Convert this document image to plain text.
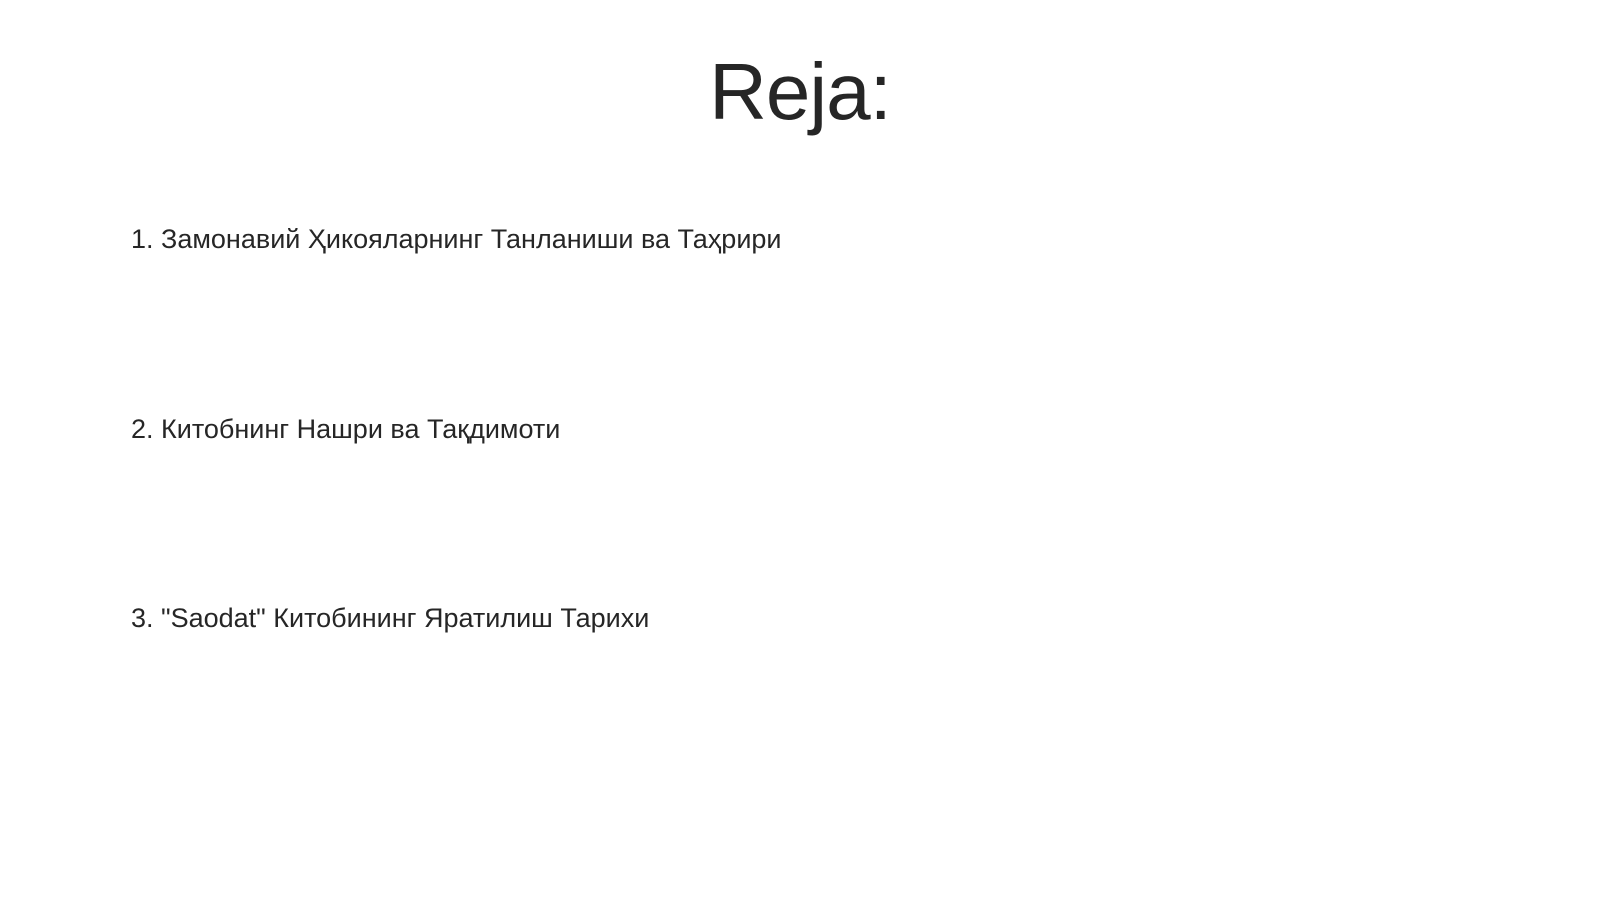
Reja:
1. Замонавий Ҳикояларнинг Танланиши ва Таҳрири
2. Китобнинг Нашри ва Тақдимоти
3. "Saodat" Китобининг Яратилиш Тарихи
